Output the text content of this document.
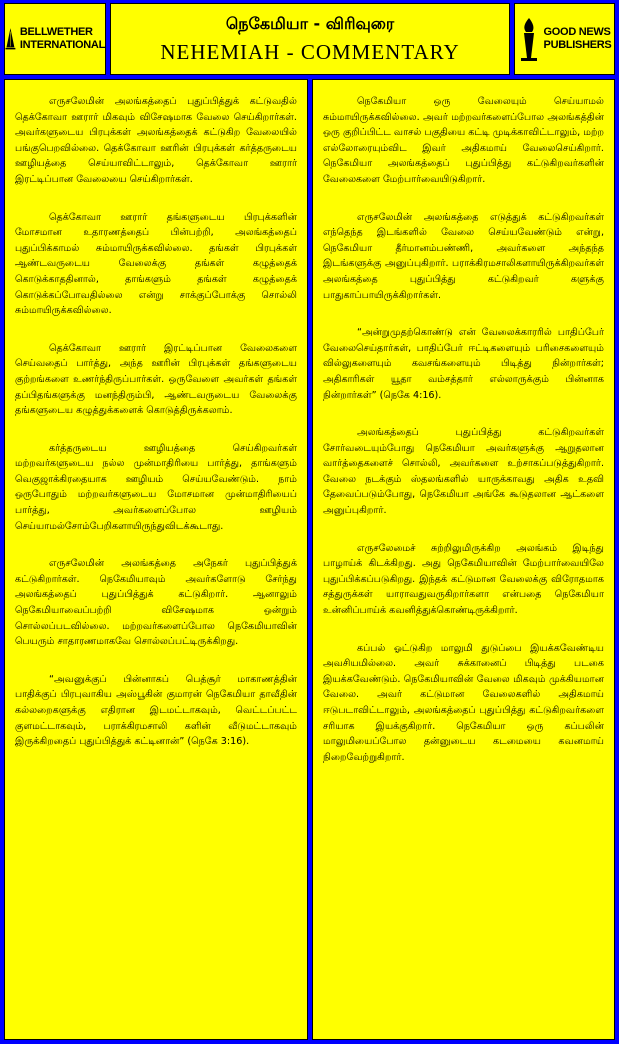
BELLWETHER
INTERNATIONAL
நெகேமியா - விரிவுரை
NEHEMIAH - COMMENTARY
GOOD NEWS
PUBLISHERS

எருசலேமின் அலங்கத்தைப் புதுப்பித்துக் கட்டுவதில் தெக்கோவா ஊரார் மிகவும் விசேஷமாக வேலை செய்கிறார்கள். அவர்களுடைய பிரபுக்கள் அலங்கத்தைக் கட்டுகிற வேலையில் பங்குபெறவில்லை. தெக்கோவா ஊரின் பிரபுக்கள் கர்த்தருடைய ஊழியத்தை செய்யாவிட்டாலும், தெக்கோவா ஊரார் இரட்டிப்பான வேலையை செய்கிறார்கள்.

தெக்கோவா ஊரார் தங்களுடைய பிரபுக்களின் மோசமான உதாரணத்தைப் பின்பற்றி, அலங்கத்தைப் புதுப்பிக்காமல் சும்மாயிருக்கவில்லை. தங்கள் பிரபுக்கள் ஆண்டவருடைய வேலைக்கு தங்கள் கழுத்தைக் கொடுக்காததினால், தாங்களும் தங்கள் கழுத்தைக் கொடுக்கப்போவதில்லை என்று சாக்குப்போக்கு சொல்லி சும்மாயிருக்கவில்லை.

தெக்கோவா ஊரார் இரட்டிப்பான வேலைகளை செய்வதைப் பார்த்து, அந்த ஊரின் பிரபுக்கள் தங்களுடைய குற்றங்களை உணர்ந்திருப்பார்கள். ஒருவேளை அவர்கள் தங்கள் தப்பிதங்களுக்கு மனந்திரும்பி, ஆண்டவருடைய வேலைக்கு தங்களுடைய கழுத்துக்களைக் கொடுத்திருக்கலாம்.

கர்த்தருடைய ஊழியத்தை செய்கிறவர்கள் மற்றவர்களுடைய நல்ல முன்மாதிரியை பார்த்து, தாங்களும் வெகுஜாக்கிரதையாக ஊழியம் செய்யவேண்டும். நாம் ஒருபோதும் மற்றவர்களுடைய மோசமான முன்மாதிரியைப் பார்த்து, அவர்களைப்போல ஊழியம் செய்யாமல்சோம்பேறிகளாயிருந்துவிடக்கூடாது.

எருசலேமின் அலங்கத்தை அநேகர் புதுப்பித்துக் கட்டுகிறார்கள். நெகேமியாவும் அவர்களோடு சேர்ந்து அலங்கத்தைப் புதுப்பித்துக் கட்டுகிறார். ஆனாலும் நெகேமியாவைப்பற்றி விசேஷமாக ஒன்றும் சொல்லப்படவில்லை. மற்றவர்களைப்போல நெகேமியாவின் பெயரும் சாதாரணமாகவே சொல்லப்பட்டிருக்கிறது.

“அவனுக்குப் பின்னாகப் பெத்சூர் மாகாணத்தின் பாதிக்குப் பிரபுவாகிய அஸ்பூகின் குமாரன் நெகேமியா தாவீதின் கல்லறைகளுக்கு எதிரான இடமட்டாகவும், வெட்டப்பட்ட குளமட்டாகவும், பராக்கிரமசாலி களின் வீடுமட்டாகவும் இருக்கிறதைப் புதுப்பித்துக் கட்டினான்” (நெகே 3:16).

நெகேமியா ஒரு வேலையும் செய்யாமல் சும்மாயிருக்கவில்லை. அவர் மற்றவர்களைப்போல அலங்கத்தின் ஒரு குறிப்பிட்ட வாசல் பகுதியை கட்டி முடிக்காவிட்டாலும், மற்ற எல்லோரையும்விட இவர் அதிகமாய் வேலைசெய்கிறார். நெகேமியா அலங்கத்தைப் புதுப்பித்து கட்டுகிறவர்களின் வேலைகளை மேற்பார்வையிடுகிறார்.

எருசலேமின் அலங்கத்தை எடுத்துக் கட்டுகிறவர்கள் எந்தெந்த இடங்களில் வேலை செய்யவேண்டும் என்று, நெகேமியா தீர்மானம்பண்ணி, அவர்களை அந்தந்த இடங்களுக்கு அனுப்புகிறார். பராக்கிரமசாலிகளாயிருக்கிறவர்கள் அலங்கத்தை புதுப்பித்து கட்டுகிறவர் களுக்கு பாதுகாப்பாயிருக்கிறார்கள்.

“அன்றுமுதற்கொண்டு என் வேலைக்காரரில் பாதிப்பேர் வேலைசெய்தார்கள், பாதிப்பேர் ஈட்டிகளையும் பரிசைகளையும் வில்லுகளையும் கவசங்களையும் பிடித்து நின்றார்கள்; அதிகாரிகள் யூதா வம்சத்தார் எல்லாருக்கும் பின்னாக நின்றார்கள்” (நெகே 4:16).

அலங்கத்தைப் புதுப்பித்து கட்டுகிறவர்கள் சோர்வடையும்போது நெகேமியா அவர்களுக்கு ஆறுதலான வார்த்தைகளைச் சொல்லி, அவர்களை உற்சாகப்படுத்துகிறார். வேலை நடக்கும் ஸ்தலங்களில் யாருக்காவது அதிக உதவி தேவைப்படும்போது, நெகேமியா அங்கே கூடுதலான ஆட்களை அனுப்புகிறார்.

எருசலேமைச் சுற்றிலுமிருக்கிற அலங்கம் இடிந்து பாழாய்க் கிடக்கிறது. அது நெகேமியாவின் மேற்பார்வையிலே புதுப்பிக்கப்படுகிறது. இந்தக் கட்டுமான வேலைக்கு விரோதமாக சத்துருக்கள் யாராவதுவருகிறார்களா என்பதை நெகேமியா உன்னிப்பாய்க் கவனித்துக்கொண்டிருக்கிறார்.

கப்பல் ஓட்டுகிற மாலுமி துடுப்பை இயக்கவேண்டிய அவசியமில்லை. அவர் சுக்கானைப் பிடித்து படகை இயக்கவேண்டும். நெகேமியாவின் வேலை மிகவும் முக்கியமான வேலை. அவர் கட்டுமான வேலைகளில் அதிகமாய் ஈடுபடாவிட்டாலும், அலங்கத்தைப் புதுப்பித்து கட்டுகிறவர்களை சரியாக இயக்குகிறார். நெகேமியா ஒரு கப்பலின் மாலுமியைப்போல தன்னுடைய கடமையை கவனமாய் நிறைவேற்றுகிறார்.
